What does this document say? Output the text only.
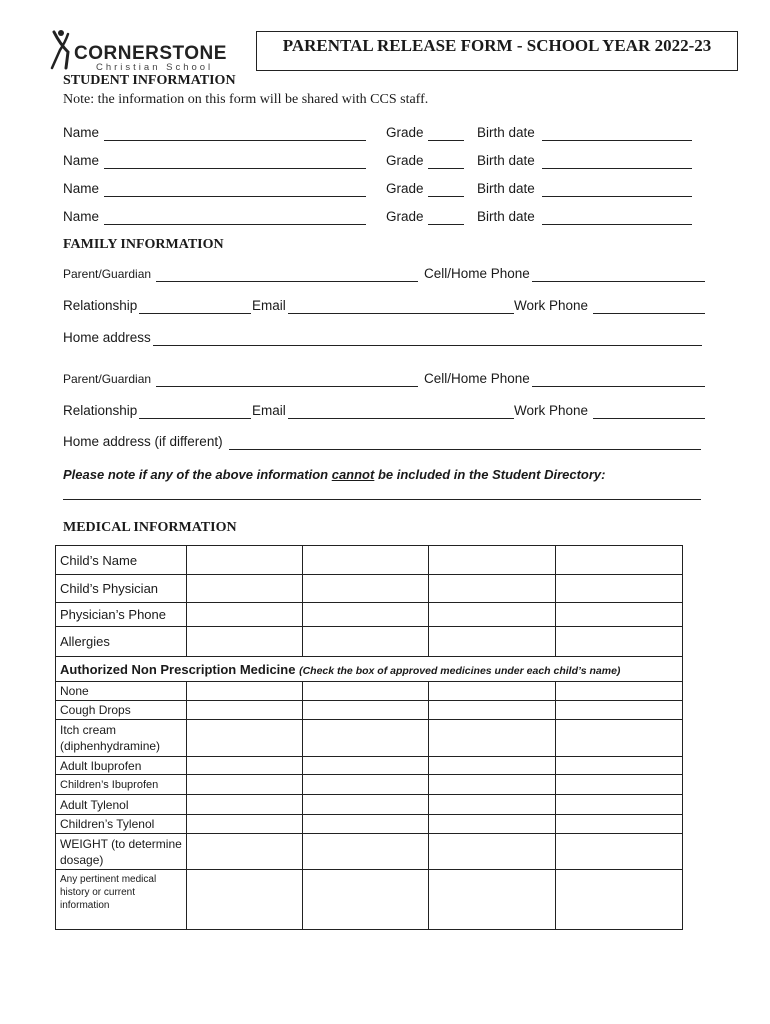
CORNERSTONE
Christian School
PARENTAL RELEASE FORM - SCHOOL YEAR 2022-23
STUDENT INFORMATION
Note: the information on this form will be shared with CCS staff.
Name	Grade	Birth date
Name	Grade	Birth date
Name	Grade	Birth date
Name	Grade	Birth date
FAMILY INFORMATION
Parent/Guardian	Cell/Home Phone
Relationship	Email	Work Phone
Home address
Parent/Guardian	Cell/Home Phone
Relationship	Email	Work Phone
Home address (if different)
Please note if any of the above information cannot be included in the Student Directory:
MEDICAL INFORMATION
Child’s Name				
Child’s Physician				
Physician’s Phone				
Allergies				
Authorized Non Prescription Medicine (Check the box of approved medicines under each child’s name)				
None				
Cough Drops				
Itch cream (diphenhydramine)				
Adult Ibuprofen				
Children’s Ibuprofen				
Adult Tylenol				
Children’s Tylenol				
WEIGHT (to determine dosage)				
Any pertinent medical history or current information				
